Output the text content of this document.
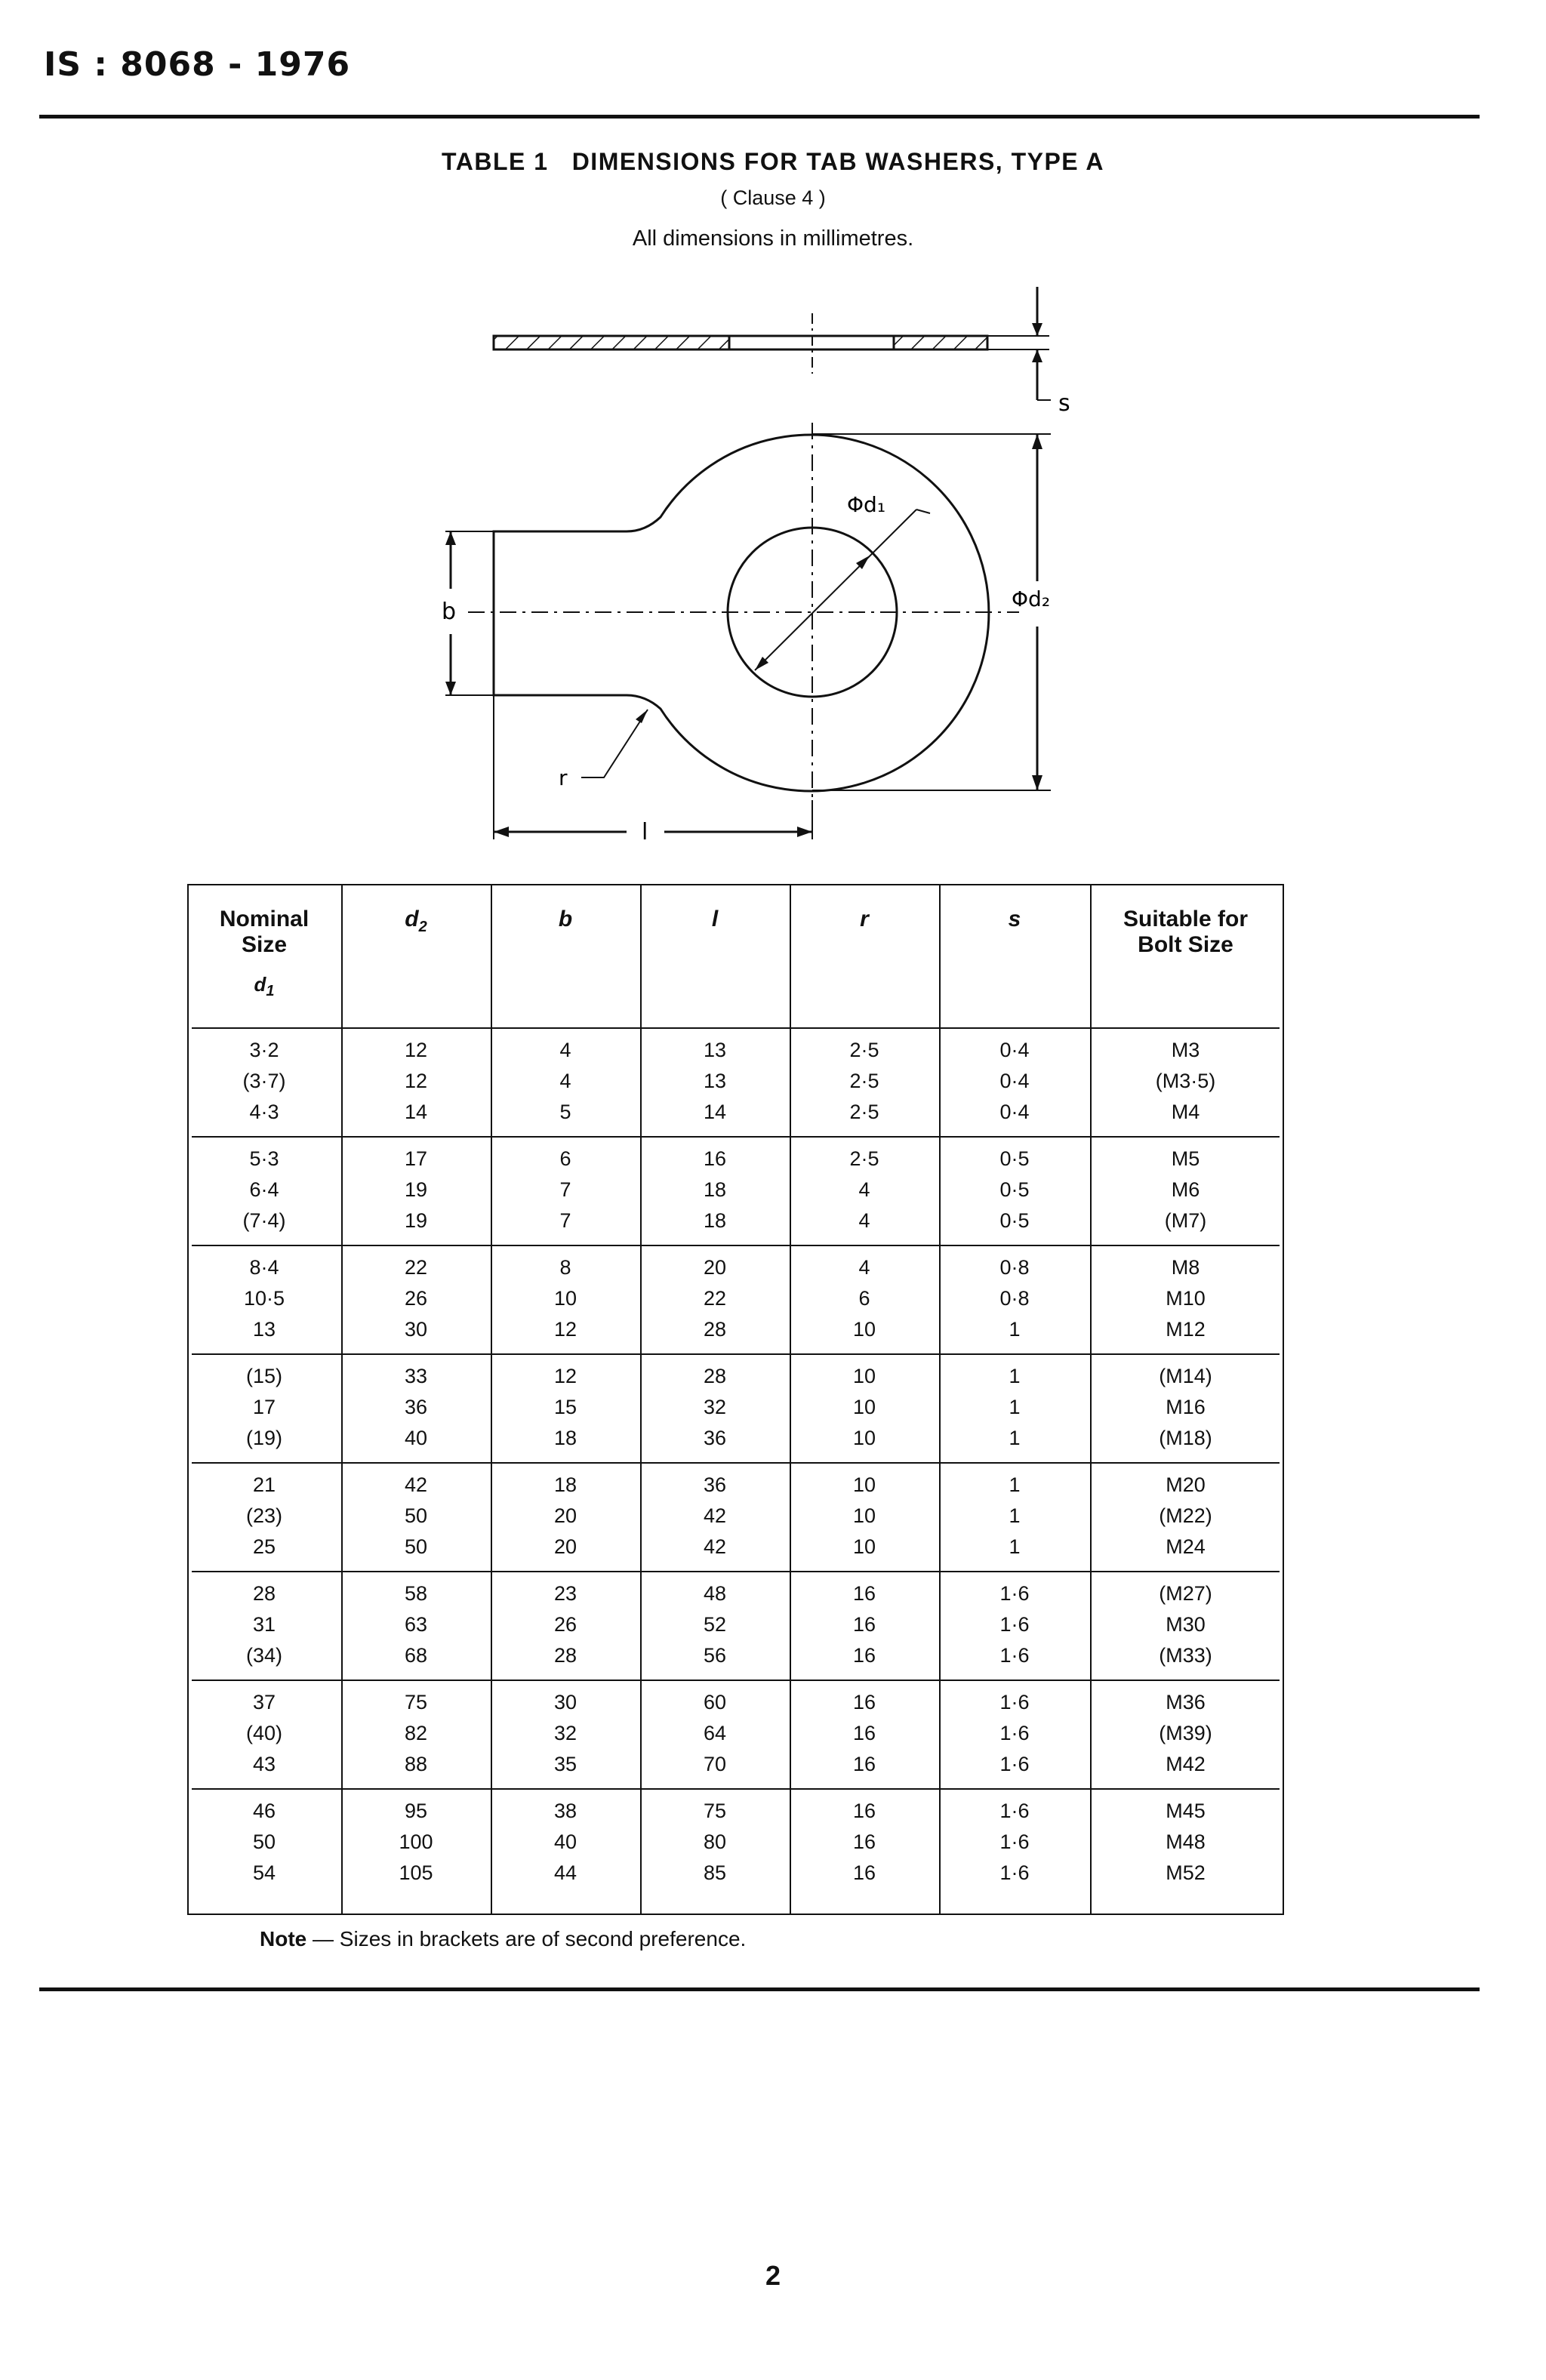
IS : 8068 - 1976
TABLE 1   DIMENSIONS FOR TAB WASHERS, TYPE A
( Clause 4 )
All dimensions in millimetres.
s
Φd₁
Φd₂
b
r
l
Nominal
Size
$d_1$
$d_2$	b	l	r	s	Suitable for
Bolt Size
3·2	12	4	13	2·5	0·4	M3
(3·7)	12	4	13	2·5	0·4	(M3·5)
4·3	14	5	14	2·5	0·4	M4
5·3	17	6	16	2·5	0·5	M5
6·4	19	7	18	4	0·5	M6
(7·4)	19	7	18	4	0·5	(M7)
8·4	22	8	20	4	0·8	M8
10·5	26	10	22	6	0·8	M10
13	30	12	28	10	1	M12
(15)	33	12	28	10	1	(M14)
17	36	15	32	10	1	M16
(19)	40	18	36	10	1	(M18)
21	42	18	36	10	1	M20
(23)	50	20	42	10	1	(M22)
25	50	20	42	10	1	M24
28	58	23	48	16	1·6	(M27)
31	63	26	52	16	1·6	M30
(34)	68	28	56	16	1·6	(M33)
37	75	30	60	16	1·6	M36
(40)	82	32	64	16	1·6	(M39)
43	88	35	70	16	1·6	M42
46	95	38	75	16	1·6	M45
50	100	40	80	16	1·6	M48
54	105	44	85	16	1·6	M52
Note — Sizes in brackets are of second preference.
2
